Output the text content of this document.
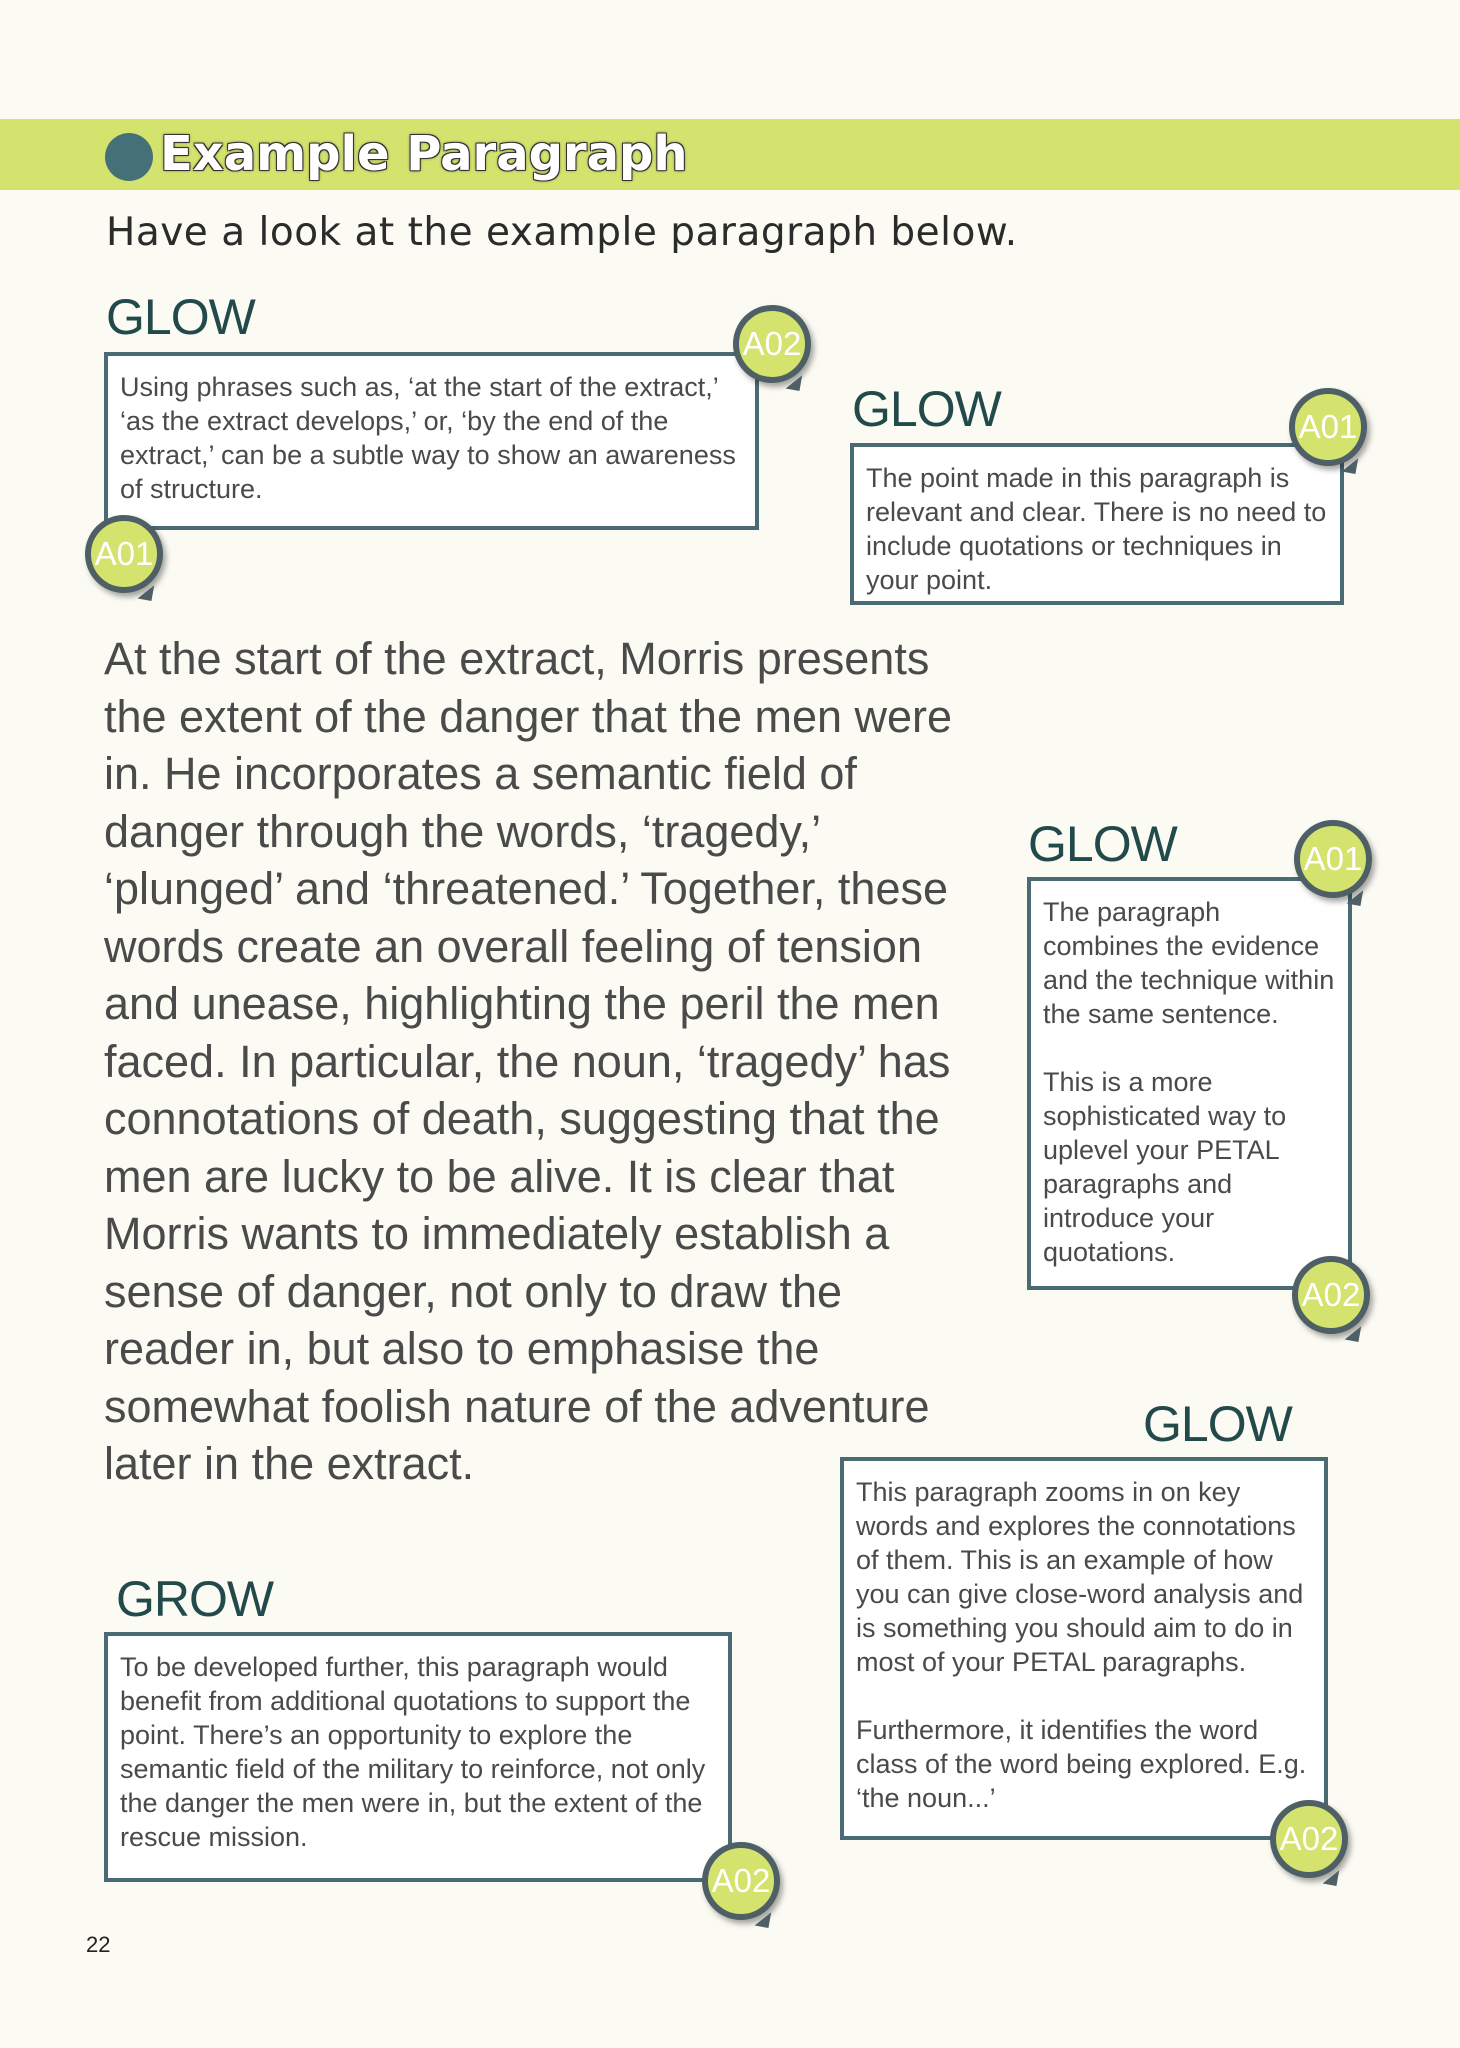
Example Paragraph
Have a look at the example paragraph below.
GLOW

Using phrases such as, ‘at the start of the extract,’ ‘as the extract develops,’ or, ‘by the end of the extract,’ can be a subtle way to show an awareness of structure.

A02
A01
GLOW

The point made in this paragraph is relevant and clear. There is no need to include quotations or techniques in your point.

A01

At the start of the extract, Morris presents the extent of the danger that the men were in. He incorporates a semantic field of danger through the words, ‘tragedy,’ ‘plunged’ and ‘threatened.’ Together, these words create an overall feeling of tension and unease, highlighting the peril the men faced. In particular, the noun, ‘tragedy’ has connotations of death, suggesting that the men are lucky to be alive. It is clear that Morris wants to immediately establish a sense of danger, not only to draw the reader in, but also to emphasise the somewhat foolish nature of the adventure later in the extract.

GLOW

The paragraph combines the evidence and the technique within the same sentence.

This is a more sophisticated way to uplevel your PETAL paragraphs and introduce your quotations.

A01
A02
GLOW

This paragraph zooms in on key words and explores the connotations of them. This is an example of how you can give close-word analysis and is something you should aim to do in most of your PETAL paragraphs.

Furthermore, it identifies the word class of the word being explored. E.g. ‘the noun...’

A02
GROW

To be developed further, this paragraph would benefit from additional quotations to support the point. There’s an opportunity to explore the semantic field of the military to reinforce, not only the danger the men were in, but the extent of the rescue mission.

A02
22
